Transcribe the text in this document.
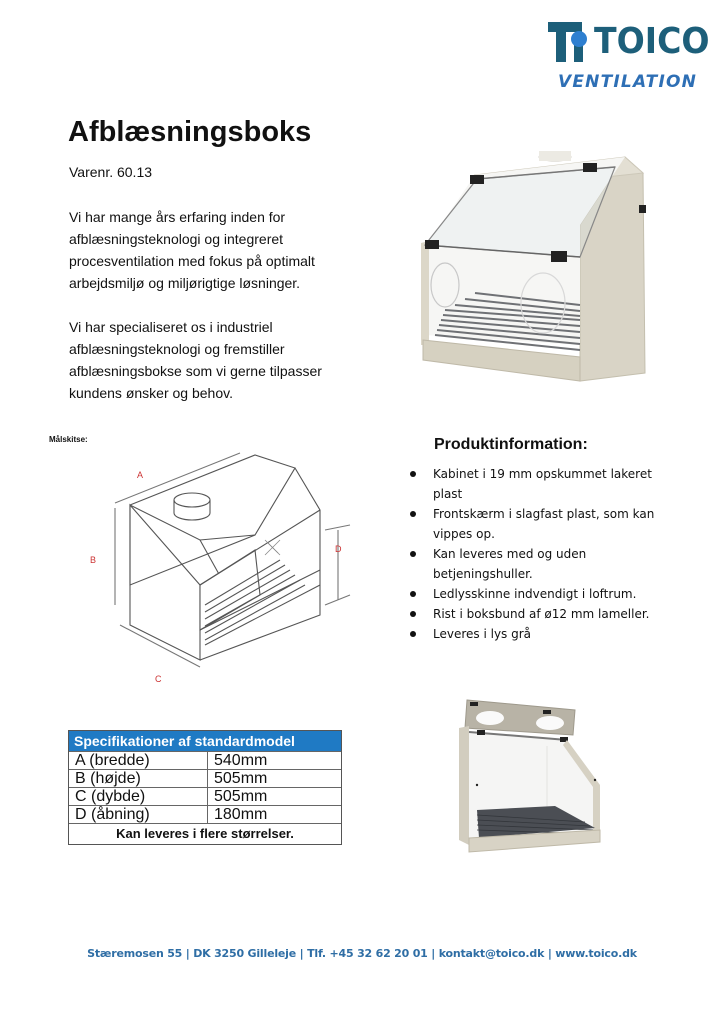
TOICO
VENTILATION
Afblæsningsboks
Varenr. 60.13

Vi har mange års erfaring inden for afblæsningsteknologi og integreret procesventilation med fokus på optimalt arbejdsmiljø og miljørigtige løsninger.

Vi har specialiseret os i industriel afblæsningsteknologi og fremstiller afblæsningsbokse som vi gerne tilpasser kundens ønsker og behov.

Målskitse:
A
B
C
D
Produktinformation:
Kabinet i 19 mm opskummet lakeret plast
Frontskærm i slagfast plast, som kan vippes op.
Kan leveres med og uden betjeningshuller.
Ledlysskinne indvendigt i loftrum.
Rist i boksbund af ø12 mm lameller.
Leveres i lys grå
Specifikationer af standardmodel
A (bredde)	540mm
B (højde)	505mm
C (dybde)	505mm
D (åbning)	180mm
Kan leveres i flere størrelser.
Stæremosen 55 | DK 3250 Gilleleje | Tlf. +45 32 62 20 01 | kontakt@toico.dk | www.toico.dk
